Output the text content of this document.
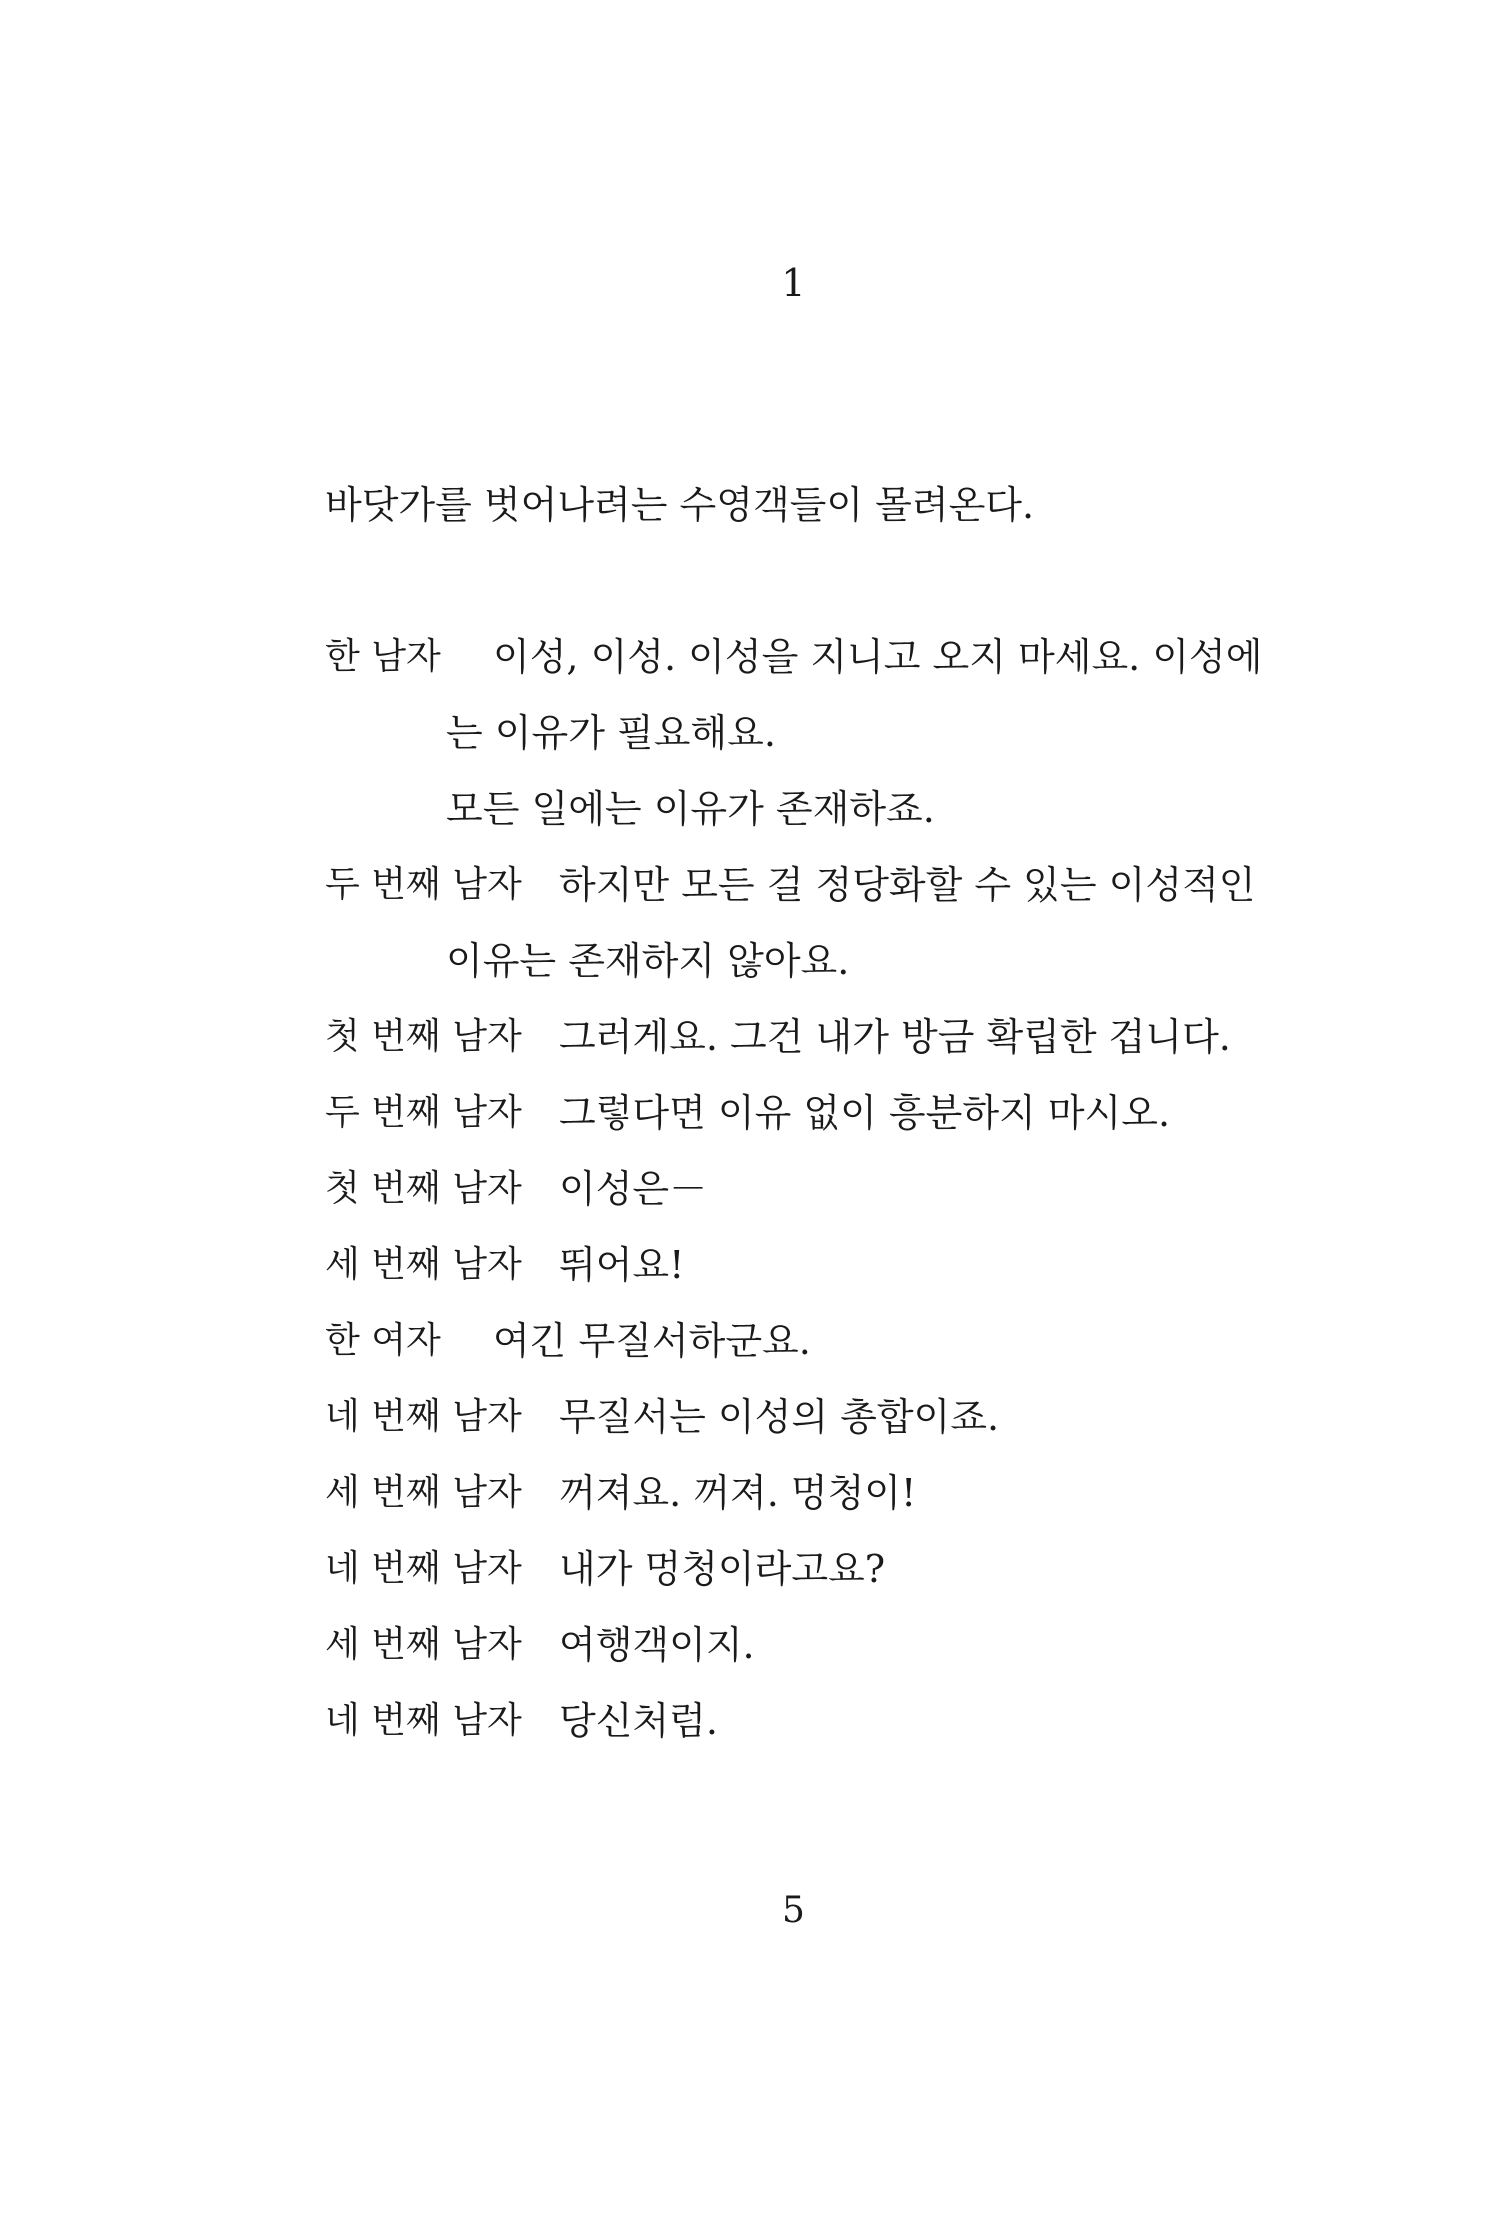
1
바닷가를 벗어나려는 수영객들이 몰려온다.
한 남자 이성, 이성. 이성을 지니고 오지 마세요. 이성에
는 이유가 필요해요.
모든 일에는 이유가 존재하죠.
두 번째 남자 하지만 모든 걸 정당화할 수 있는 이성적인
이유는 존재하지 않아요.
첫 번째 남자 그러게요. 그건 내가 방금 확립한 겁니다.
두 번째 남자 그렇다면 이유 없이 흥분하지 마시오.
첫 번째 남자 이성은－
세 번째 남자 뛰어요!
한 여자 여긴 무질서하군요.
네 번째 남자 무질서는 이성의 총합이죠.
세 번째 남자 꺼져요. 꺼져. 멍청이!
네 번째 남자 내가 멍청이라고요?
세 번째 남자 여행객이지.
네 번째 남자 당신처럼.
5
